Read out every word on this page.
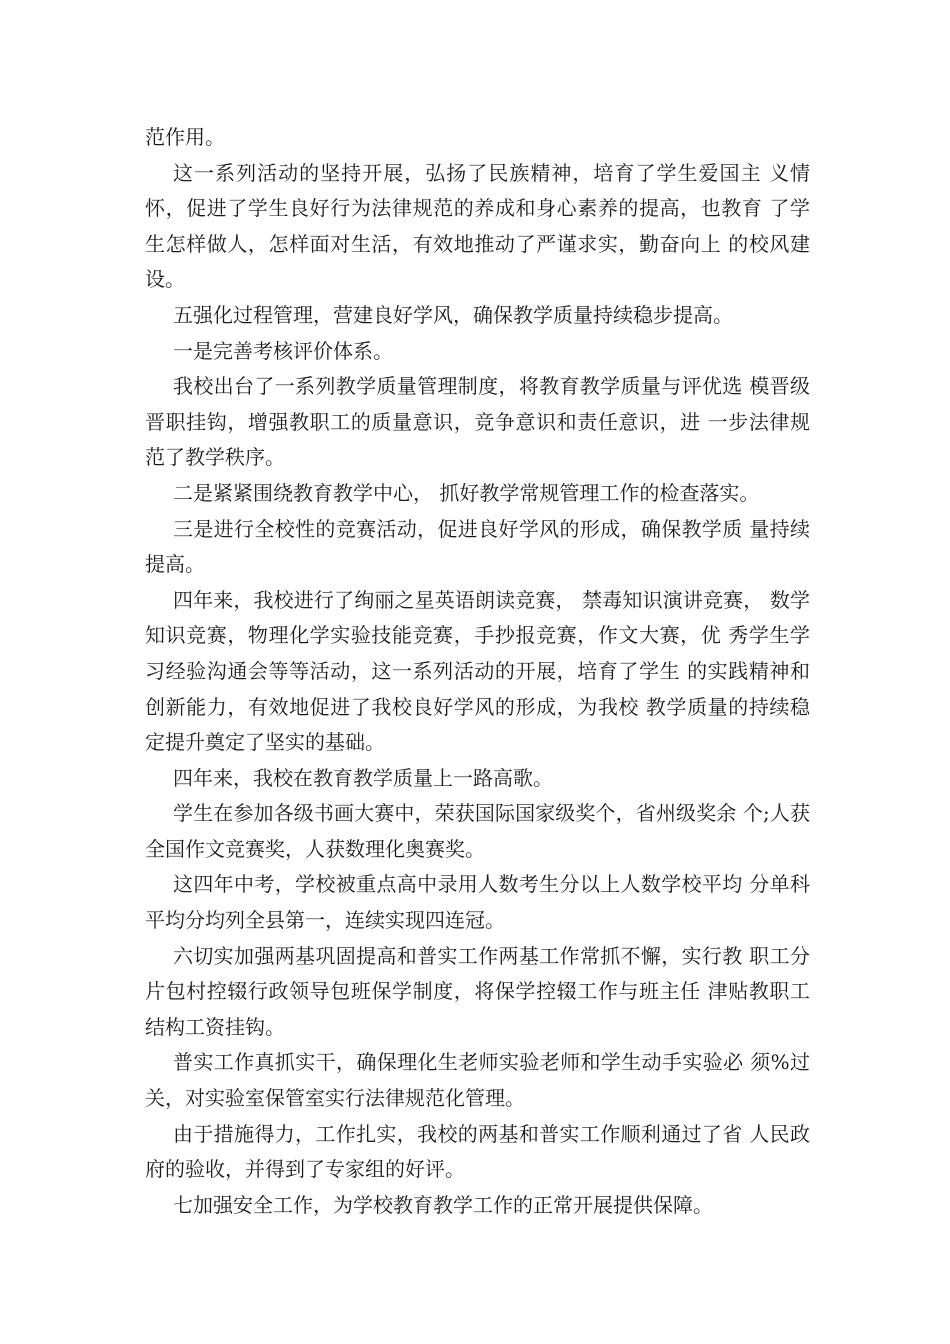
范作用。

这一系列活动的坚持开展，弘扬了民族精神，培育了学生爱国主 义情怀，促进了学生良好行为法律规范的养成和身心素养的提高，也教育 了学生怎样做人，怎样面对生活，有效地推动了严谨求实，勤奋向上 的校风建设。

五强化过程管理，营建良好学风，确保教学质量持续稳步提高。

一是完善考核评价体系。

我校出台了一系列教学质量管理制度，将教育教学质量与评优选 模晋级晋职挂钩，增强教职工的质量意识，竞争意识和责任意识，进 一步法律规范了教学秩序。

二是紧紧围绕教育教学中心， 抓好教学常规管理工作的检查落实。

三是进行全校性的竞赛活动，促进良好学风的形成，确保教学质 量持续提高。

四年来，我校进行了绚丽之星英语朗读竞赛， 禁毒知识演讲竞赛， 数学知识竞赛，物理化学实验技能竞赛，手抄报竞赛，作文大赛，优 秀学生学习经验沟通会等等活动，这一系列活动的开展，培育了学生 的实践精神和创新能力，有效地促进了我校良好学风的形成，为我校 教学质量的持续稳定提升奠定了坚实的基础。

四年来，我校在教育教学质量上一路高歌。

学生在参加各级书画大赛中，荣获国际国家级奖个，省州级奖余 个;人获全国作文竞赛奖，人获数理化奥赛奖。

这四年中考，学校被重点高中录用人数考生分以上人数学校平均 分单科平均分均列全县第一，连续实现四连冠。

六切实加强两基巩固提高和普实工作两基工作常抓不懈，实行教 职工分片包村控辍行政领导包班保学制度，将保学控辍工作与班主任 津贴教职工结构工资挂钩。

普实工作真抓实干，确保理化生老师实验老师和学生动手实验必 须%过关，对实验室保管室实行法律规范化管理。

由于措施得力，工作扎实，我校的两基和普实工作顺利通过了省 人民政府的验收，并得到了专家组的好评。

七加强安全工作，为学校教育教学工作的正常开展提供保障。
